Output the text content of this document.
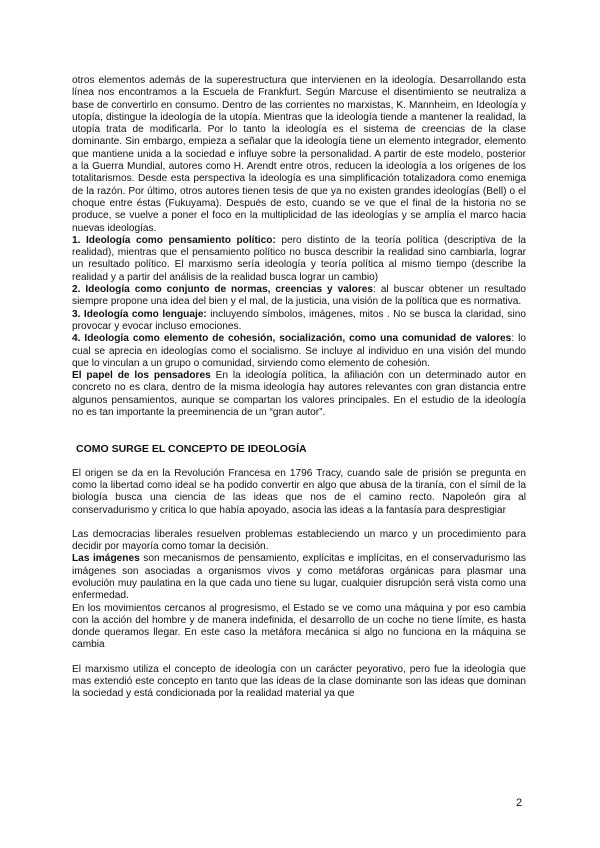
otros elementos además de la superestructura que intervienen en la ideología. Desarrollando esta línea nos encontramos a la Escuela de Frankfurt. Según Marcuse el disentimiento se neutraliza a base de convertirlo en consumo. Dentro de las corrientes no marxistas, K. Mannheim, en Ideología y utopía, distingue la ideología de la utopía. Mientras que la ideología tiende a mantener la realidad, la utopía trata de modificarla. Por lo tanto la ideología es el sistema de creencias de la clase dominante. Sin embargo, empieza a señalar que la ideología tiene un elemento integrador, elemento que mantiene unida a la sociedad e influye sobre la personalidad. A partir de este modelo, posterior a la Guerra Mundial, autores como H. Arendt entre otros, reducen la ideología a los orígenes de los totalitarismos. Desde esta perspectiva la ideología es una simplificación totalizadora como enemiga de la razón. Por último, otros autores tienen tesis de que ya no existen grandes ideologías (Bell) o el choque entre éstas (Fukuyama). Después de esto, cuando se ve que el final de la historia no se produce, se vuelve a poner el foco en la multiplicidad de las ideologías y se amplía el marco hacia nuevas ideologías.

1. Ideología como pensamiento político: pero distinto de la teoría política (descriptiva de la realidad), mientras que el pensamiento político no busca describir la realidad sino cambiarla, lograr un resultado político. El marxismo sería ideología y teoría política al mismo tiempo (describe la realidad y a partir del análisis de la realidad busca lograr un cambio)

2. Ideología como conjunto de normas, creencias y valores: al buscar obtener un resultado siempre propone una idea del bien y el mal, de la justicia, una visión de la política que es normativa.

3. Ideología como lenguaje: incluyendo símbolos, imágenes, mitos . No se busca la claridad, sino provocar y evocar incluso emociones.

4. Ideología como elemento de cohesión, socialización, como una comunidad de valores: lo cual se aprecia en ideologías como el socialismo. Se incluye al individuo en una visión del mundo que lo vinculan a un grupo o comunidad, sirviendo como elemento de cohesión.

El papel de los pensadores En la ideología política, la afiliación con un determinado autor en concreto no es clara, dentro de la misma ideología hay autores relevantes con gran distancia entre algunos pensamientos, aunque se compartan los valores principales. En el estudio de la ideología no es tan importante la preeminencia de un “gran autor”.

COMO SURGE EL CONCEPTO DE IDEOLOGÍA

El origen se da en la Revolución Francesa en 1796 Tracy, cuando sale de prisión se pregunta en como la libertad como ideal se ha podido convertir en algo que abusa de la tiranía, con el símil de la biología busca una ciencia de las ideas que nos de el camino recto. Napoleón gira al conservadurismo y critica lo que había apoyado, asocia las ideas a la fantasía para desprestigiar

Las democracias liberales resuelven problemas estableciendo un marco y un procedimiento para decidir por mayoría como tomar la decisión.

Las imágenes son mecanismos de pensamiento, explícitas e implícitas, en el conservadurismo las imágenes son asociadas a organismos vivos y como metáforas orgánicas para plasmar una evolución muy paulatina en la que cada uno tiene su lugar, cualquier disrupción será vista como una enfermedad.

En los movimientos cercanos al progresismo, el Estado se ve como una máquina y por eso cambia con la acción del hombre y de manera indefinida, el desarrollo de un coche no tiene límite, es hasta donde queramos llegar. En este caso la metáfora mecánica si algo no funciona en la máquina se cambia

El marxismo utiliza el concepto de ideología con un carácter peyorativo, pero fue la ideología que mas extendió este concepto en tanto que las ideas de la clase dominante son las ideas que dominan la sociedad y está condicionada por la realidad material ya que

2
